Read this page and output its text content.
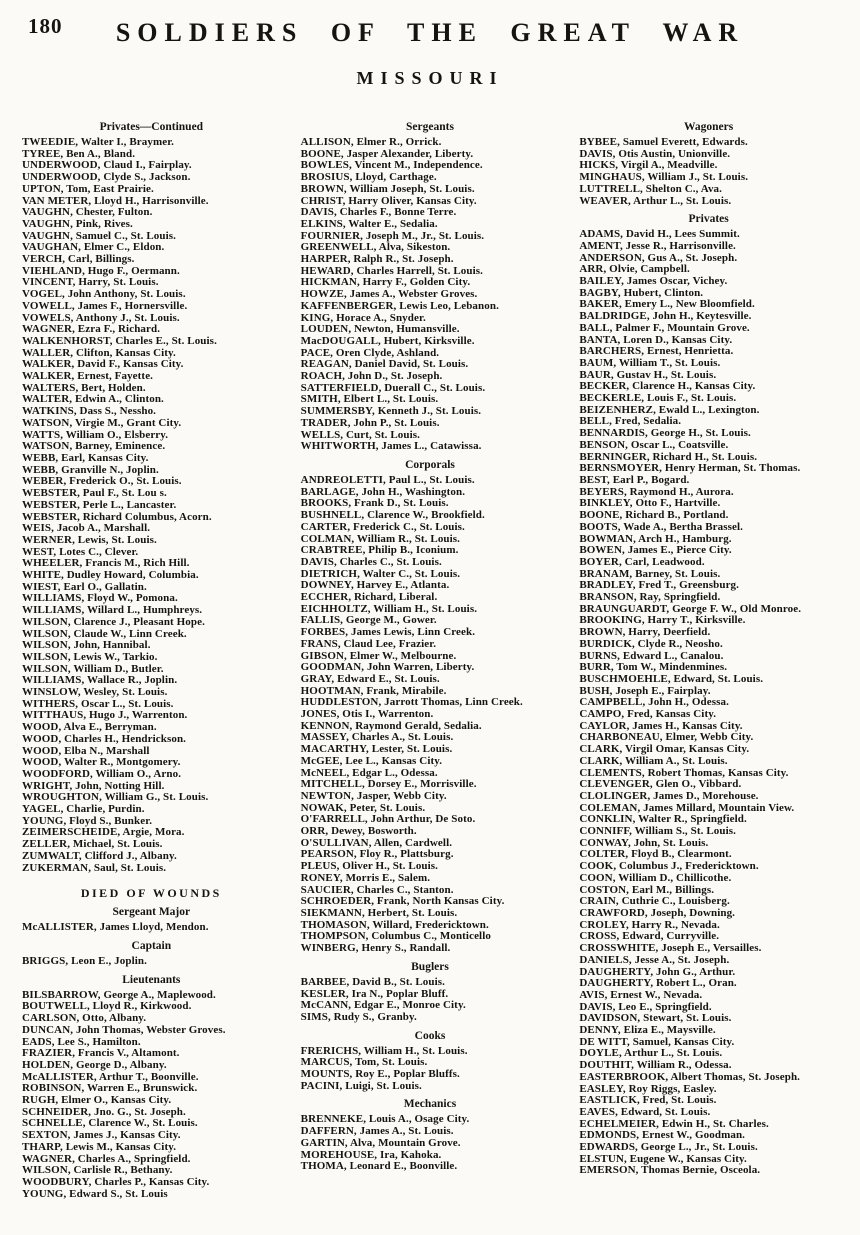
180	SOLDIERS OF THE GREAT WAR
MISSOURI
Privates—Continued
TWEEDIE, Walter I., Braymer.
TYREE, Ben A., Bland.
UNDERWOOD, Claud I., Fairplay.
UNDERWOOD, Clyde S., Jackson.
UPTON, Tom, East Prairie.
VAN METER, Lloyd H., Harrisonville.
VAUGHN, Chester, Fulton.
VAUGHN, Pink, Rives.
VAUGHN, Samuel C., St. Louis.
VAUGHAN, Elmer C., Eldon.
VERCH, Carl, Billings.
VIEHLAND, Hugo F., Oermann.
VINCENT, Harry, St. Louis.
VOGEL, John Anthony, St. Louis.
VOWELL, James F., Hornersville.
VOWELS, Anthony J., St. Louis.
WAGNER, Ezra F., Richard.
WALKENHORST, Charles E., St. Louis.
WALLER, Clifton, Kansas City.
WALKER, David F., Kansas City.
WALKER, Ernest, Fayette.
WALTERS, Bert, Holden.
WALTER, Edwin A., Clinton.
WATKINS, Dass S., Nessho.
WATSON, Virgie M., Grant City.
WATTS, William O., Elsberry.
WATSON, Barney, Eminence.
WEBB, Earl, Kansas City.
WEBB, Granville N., Joplin.
WEBER, Frederick O., St. Louis.
WEBSTER, Paul F., St. Lou s.
WEBSTER, Perle L., Lancaster.
WEBSTER, Richard Columbus, Acorn.
WEIS, Jacob A., Marshall.
WERNER, Lewis, St. Louis.
WEST, Lotes C., Clever.
WHEELER, Francis M., Rich Hill.
WHITE, Dudley Howard, Columbia.
WIEST, Earl O., Gallatin.
WILLIAMS, Floyd W., Pomona.
WILLIAMS, Willard L., Humphreys.
WILSON, Clarence J., Pleasant Hope.
WILSON, Claude W., Linn Creek.
WILSON, John, Hannibal.
WILSON, Lewis W., Tarkio.
WILSON, William D., Butler.
WILLIAMS, Wallace R., Joplin.
WINSLOW, Wesley, St. Louis.
WITHERS, Oscar L., St. Louis.
WITTHAUS, Hugo J., Warrenton.
WOOD, Alva E., Berryman.
WOOD, Charles H., Hendrickson.
WOOD, Elba N., Marshall
WOOD, Walter R., Montgomery.
WOODFORD, William O., Arno.
WRIGHT, John, Notting Hill.
WROUGHTON, William G., St. Louis.
YAGEL, Charlie, Purdin.
YOUNG, Floyd S., Bunker.
ZEIMERSCHEIDE, Argie, Mora.
ZELLER, Michael, St. Louis.
ZUMWALT, Clifford J., Albany.
ZUKERMAN, Saul, St. Louis.
DIED OF WOUNDS
Sergeant Major
McALLISTER, James Lloyd, Mendon.
Captain
BRIGGS, Leon E., Joplin.
Lieutenants
BILSBARROW, George A., Maplewood.
BOUTWELL, Lloyd R., Kirkwood.
CARLSON, Otto, Albany.
DUNCAN, John Thomas, Webster Groves.
EADS, Lee S., Hamilton.
FRAZIER, Francis V., Altamont.
HOLDEN, George D., Albany.
McALLISTER, Arthur T., Boonville.
ROBINSON, Warren E., Brunswick.
RUGH, Elmer O., Kansas City.
SCHNEIDER, Jno. G., St. Joseph.
SCHNELLE, Clarence W., St. Louis.
SEXTON, James J., Kansas City.
THARP, Lewis M., Kansas City.
WAGNER, Charles A., Springfield.
WILSON, Carlisle R., Bethany.
WOODBURY, Charles P., Kansas City.
YOUNG, Edward S., St. Louis
Sergeants
ALLISON, Elmer R., Orrick.
BOONE, Jasper Alexander, Liberty.
BOWLES, Vincent M., Independence.
BROSIUS, Lloyd, Carthage.
BROWN, William Joseph, St. Louis.
CHRIST, Harry Oliver, Kansas City.
DAVIS, Charles F., Bonne Terre.
ELKINS, Walter E., Sedalia.
FOURNIER, Joseph M., Jr., St. Louis.
GREENWELL, Alva, Sikeston.
HARPER, Ralph R., St. Joseph.
HEWARD, Charles Harrell, St. Louis.
HICKMAN, Harry F., Golden City.
HOWZE, James A., Webster Groves.
KAFFENBERGER, Lewis Leo, Lebanon.
KING, Horace A., Snyder.
LOUDEN, Newton, Humansville.
MacDOUGALL, Hubert, Kirksville.
PACE, Oren Clyde, Ashland.
REAGAN, Daniel David, St. Louis.
ROACH, John D., St. Joseph.
SATTERFIELD, Duerall C., St. Louis.
SMITH, Elbert L., St. Louis.
SUMMERSBY, Kenneth J., St. Louis.
TRADER, John P., St. Louis.
WELLS, Curt, St. Louis.
WHITWORTH, James L., Catawissa.
Corporals
ANDREOLETTI, Paul L., St. Louis.
BARLAGE, John H., Washington.
BROOKS, Frank D., St. Louis.
BUSHNELL, Clarence W., Brookfield.
CARTER, Frederick C., St. Louis.
COLMAN, William R., St. Louis.
CRABTREE, Philip B., Iconium.
DAVIS, Charles C., St. Louis.
DIETRICH, Walter C., St. Louis.
DOWNEY, Harvey E., Atlanta.
ECCHER, Richard, Liberal.
EICHHOLTZ, William H., St. Louis.
FALLIS, George M., Gower.
FORBES, James Lewis, Linn Creek.
FRANS, Claud Lee, Frazier.
GIBSON, Elmer W., Melbourne.
GOODMAN, John Warren, Liberty.
GRAY, Edward E., St. Louis.
HOOTMAN, Frank, Mirabile.
HUDDLESTON, Jarrott Thomas, Linn Creek.
JONES, Otis I., Warrenton.
KENNON, Raymond Gerald, Sedalia.
MASSEY, Charles A., St. Louis.
MACARTHY, Lester, St. Louis.
McGEE, Lee L., Kansas City.
McNEEL, Edgar L., Odessa.
MITCHELL, Dorsey E., Morrisville.
NEWTON, Jasper, Webb City.
NOWAK, Peter, St. Louis.
O'FARRELL, John Arthur, De Soto.
ORR, Dewey, Bosworth.
O'SULLIVAN, Allen, Cardwell.
PEARSON, Floy R., Plattsburg.
PLEUS, Oliver H., St. Louis.
RONEY, Morris E., Salem.
SAUCIER, Charles C., Stanton.
SCHROEDER, Frank, North Kansas City.
SIEKMANN, Herbert, St. Louis.
THOMASON, Willard, Fredericktown.
THOMPSON, Columbus C., Monticello
WINBERG, Henry S., Randall.
Buglers
BARBEE, David B., St. Louis.
KESLER, Ira N., Poplar Bluff.
McCANN, Edgar E., Monroe City.
SIMS, Rudy S., Granby.
Cooks
FRERICHS, William H., St. Louis.
MARCUS, Tom, St. Louis.
MOUNTS, Roy E., Poplar Bluffs.
PACINI, Luigi, St. Louis.
Mechanics
BRENNEKE, Louis A., Osage City.
DAFFERN, James A., St. Louis.
GARTIN, Alva, Mountain Grove.
MOREHOUSE, Ira, Kahoka.
THOMA, Leonard E., Boonville.
Wagoners
BYBEE, Samuel Everett, Edwards.
DAVIS, Otis Austin, Unionville.
HICKS, Virgil A., Meadville.
MINGHAUS, William J., St. Louis.
LUTTRELL, Shelton C., Ava.
WEAVER, Arthur L., St. Louis.
Privates
ADAMS, David H., Lees Summit.
AMENT, Jesse R., Harrisonville.
ANDERSON, Gus A., St. Joseph.
ARR, Olvie, Campbell.
BAILEY, James Oscar, Vichey.
BAGBY, Hubert, Clinton.
BAKER, Emery L., New Bloomfield.
BALDRIDGE, John H., Keytesville.
BALL, Palmer F., Mountain Grove.
BANTA, Loren D., Kansas City.
BARCHERS, Ernest, Henrietta.
BAUM, William T., St. Louis.
BAUR, Gustav H., St. Louis.
BECKER, Clarence H., Kansas City.
BECKERLE, Louis F., St. Louis.
BEIZENHERZ, Ewald L., Lexington.
BELL, Fred, Sedalia.
BENNARDIS, George H., St. Louis.
BENSON, Oscar L., Coatsville.
BERNINGER, Richard H., St. Louis.
BERNSMOYER, Henry Herman, St. Thomas.
BEST, Earl P., Bogard.
BEYERS, Raymond H., Aurora.
BINKLEY, Otto F., Hartville.
BOONE, Richard B., Portland.
BOOTS, Wade A., Bertha Brassel.
BOWMAN, Arch H., Hamburg.
BOWEN, James E., Pierce City.
BOYER, Carl, Leadwood.
BRANAM, Barney, St. Louis.
BRADLEY, Fred T., Greensburg.
BRANSON, Ray, Springfield.
BRAUNGUARDT, George F. W., Old Monroe.
BROOKING, Harry T., Kirksville.
BROWN, Harry, Deerfield.
BURDICK, Clyde R., Neosho.
BURNS, Edward L., Canalou.
BURR, Tom W., Mindenmines.
BUSCHMOEHLE, Edward, St. Louis.
BUSH, Joseph E., Fairplay.
CAMPBELL, John H., Odessa.
CAMPO, Fred, Kansas City.
CAYLOR, James H., Kansas City.
CHARBONEAU, Elmer, Webb City.
CLARK, Virgil Omar, Kansas City.
CLARK, William A., St. Louis.
CLEMENTS, Robert Thomas, Kansas City.
CLEVENGER, Glen O., Vibbard.
CLOLINGER, James D., Morehouse.
COLEMAN, James Millard, Mountain View.
CONKLIN, Walter R., Springfield.
CONNIFF, William S., St. Louis.
CONWAY, John, St. Louis.
COLTER, Floyd B., Clearmont.
COOK, Columbus J., Fredericktown.
COON, William D., Chillicothe.
COSTON, Earl M., Billings.
CRAIN, Cuthrie C., Louisberg.
CRAWFORD, Joseph, Downing.
CROLEY, Harry R., Nevada.
CROSS, Edward, Curryville.
CROSSWHITE, Joseph E., Versailles.
DANIELS, Jesse A., St. Joseph.
DAUGHERTY, John G., Arthur.
DAUGHERTY, Robert L., Oran.
AVIS, Ernest W., Nevada.
DAVIS, Leo E., Springfield.
DAVIDSON, Stewart, St. Louis.
DENNY, Eliza E., Maysville.
DE WITT, Samuel, Kansas City.
DOYLE, Arthur L., St. Louis.
DOUTHIT, William R., Odessa.
EASTERBROOK, Albert Thomas, St. Joseph.
EASLEY, Roy Riggs, Easley.
EASTLICK, Fred, St. Louis.
EAVES, Edward, St. Louis.
ECHELMEIER, Edwin H., St. Charles.
EDMONDS, Ernest W., Goodman.
EDWARDS, George L., Jr., St. Louis.
ELSTUN, Eugene W., Kansas City.
EMERSON, Thomas Bernie, Osceola.
